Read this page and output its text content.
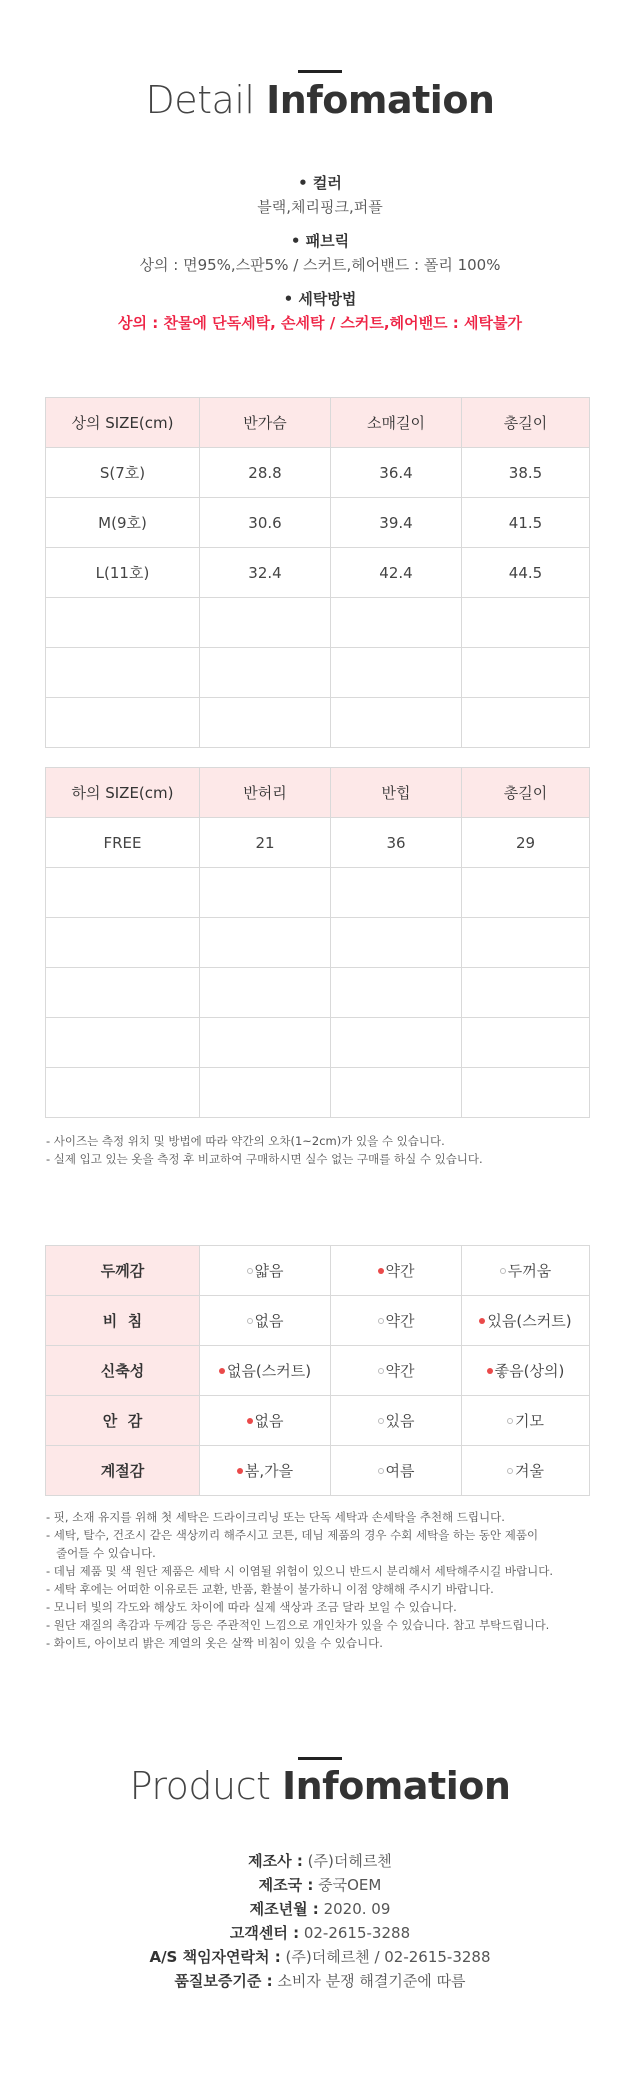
Detail Infomation
• 컬러
블랙,체리핑크,퍼플
• 패브릭
상의 : 면95%,스판5% / 스커트,헤어밴드 : 폴리 100%
• 세탁방법
상의 : 찬물에 단독세탁, 손세탁 / 스커트,헤어밴드 : 세탁불가
상의 SIZE(cm)	반가슴	소매길이	총길이
S(7호)	28.8	36.4	38.5
M(9호)	30.6	39.4	41.5
L(11호)	32.4	42.4	44.5

하의 SIZE(cm)	반허리	반힙	총길이
FREE	21	36	29

- 사이즈는 측정 위치 및 방법에 따라 약간의 오차(1~2cm)가 있을 수 있습니다.
- 실제 입고 있는 옷을 측정 후 비교하여 구매하시면 실수 없는 구매를 하실 수 있습니다.
두께감	얇음	약간	두꺼움
비  침	없음	약간	있음(스커트)
신축성	없음(스커트)	약간	좋음(상의)
안  감	없음	있음	기모
계절감	봄,가을	여름	겨울
- 핏, 소재 유지를 위해 첫 세탁은 드라이크리닝 또는 단독 세탁과 손세탁을 추천해 드립니다.
- 세탁, 탈수, 건조시 같은 색상끼리 해주시고 코튼, 데님 제품의 경우 수회 세탁을 하는 동안 제품이
줄어들 수 있습니다.
- 데님 제품 및 색 원단 제품은 세탁 시 이염될 위험이 있으니 반드시 분리해서 세탁해주시길 바랍니다.
- 세탁 후에는 어떠한 이유로든 교환, 반품, 환불이 불가하니 이점 양해해 주시기 바랍니다.
- 모니터 빛의 각도와 해상도 차이에 따라 실제 색상과 조금 달라 보일 수 있습니다.
- 원단 재질의 촉감과 두께감 등은 주관적인 느낌으로 개인차가 있을 수 있습니다. 참고 부탁드립니다.
- 화이트, 아이보리 밝은 계열의 옷은 살짝 비침이 있을 수 있습니다.
Product Infomation
제조사 : (주)더헤르첸
제조국 : 중국OEM
제조년월 : 2020. 09
고객센터 : 02-2615-3288
A/S 책임자연락처 : (주)더헤르첸 / 02-2615-3288
품질보증기준 : 소비자 분쟁 해결기준에 따름
